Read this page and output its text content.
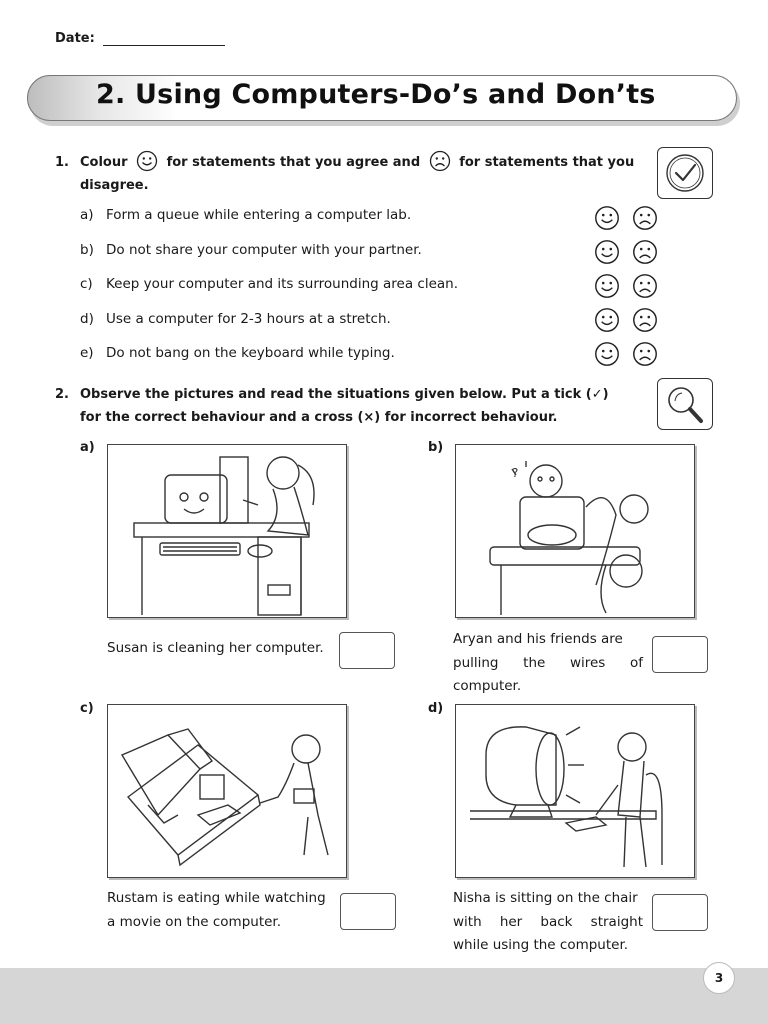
Date:
2. Using Computers-Do’s and Don’ts
1. Colour	for statements that you agree and	for statements that you
disagree.
a) Form a queue while entering a computer lab.
b) Do not share your computer with your partner.
c) Keep your computer and its surrounding area clean.
d) Use a computer for 2-3 hours at a stretch.
e) Do not bang on the keyboard while typing.
2. Observe the pictures and read the situations given below. Put a tick (✓)
for the correct behaviour and a cross (×) for incorrect behaviour.
a)
Susan is cleaning her computer.
b)
?
Aryan and his friends are
pulling the wires of
computer.
c)
Rustam is eating while watching
a movie on the computer.
d)
Nisha is sitting on the chair
with her back straight
while using the computer.
3
